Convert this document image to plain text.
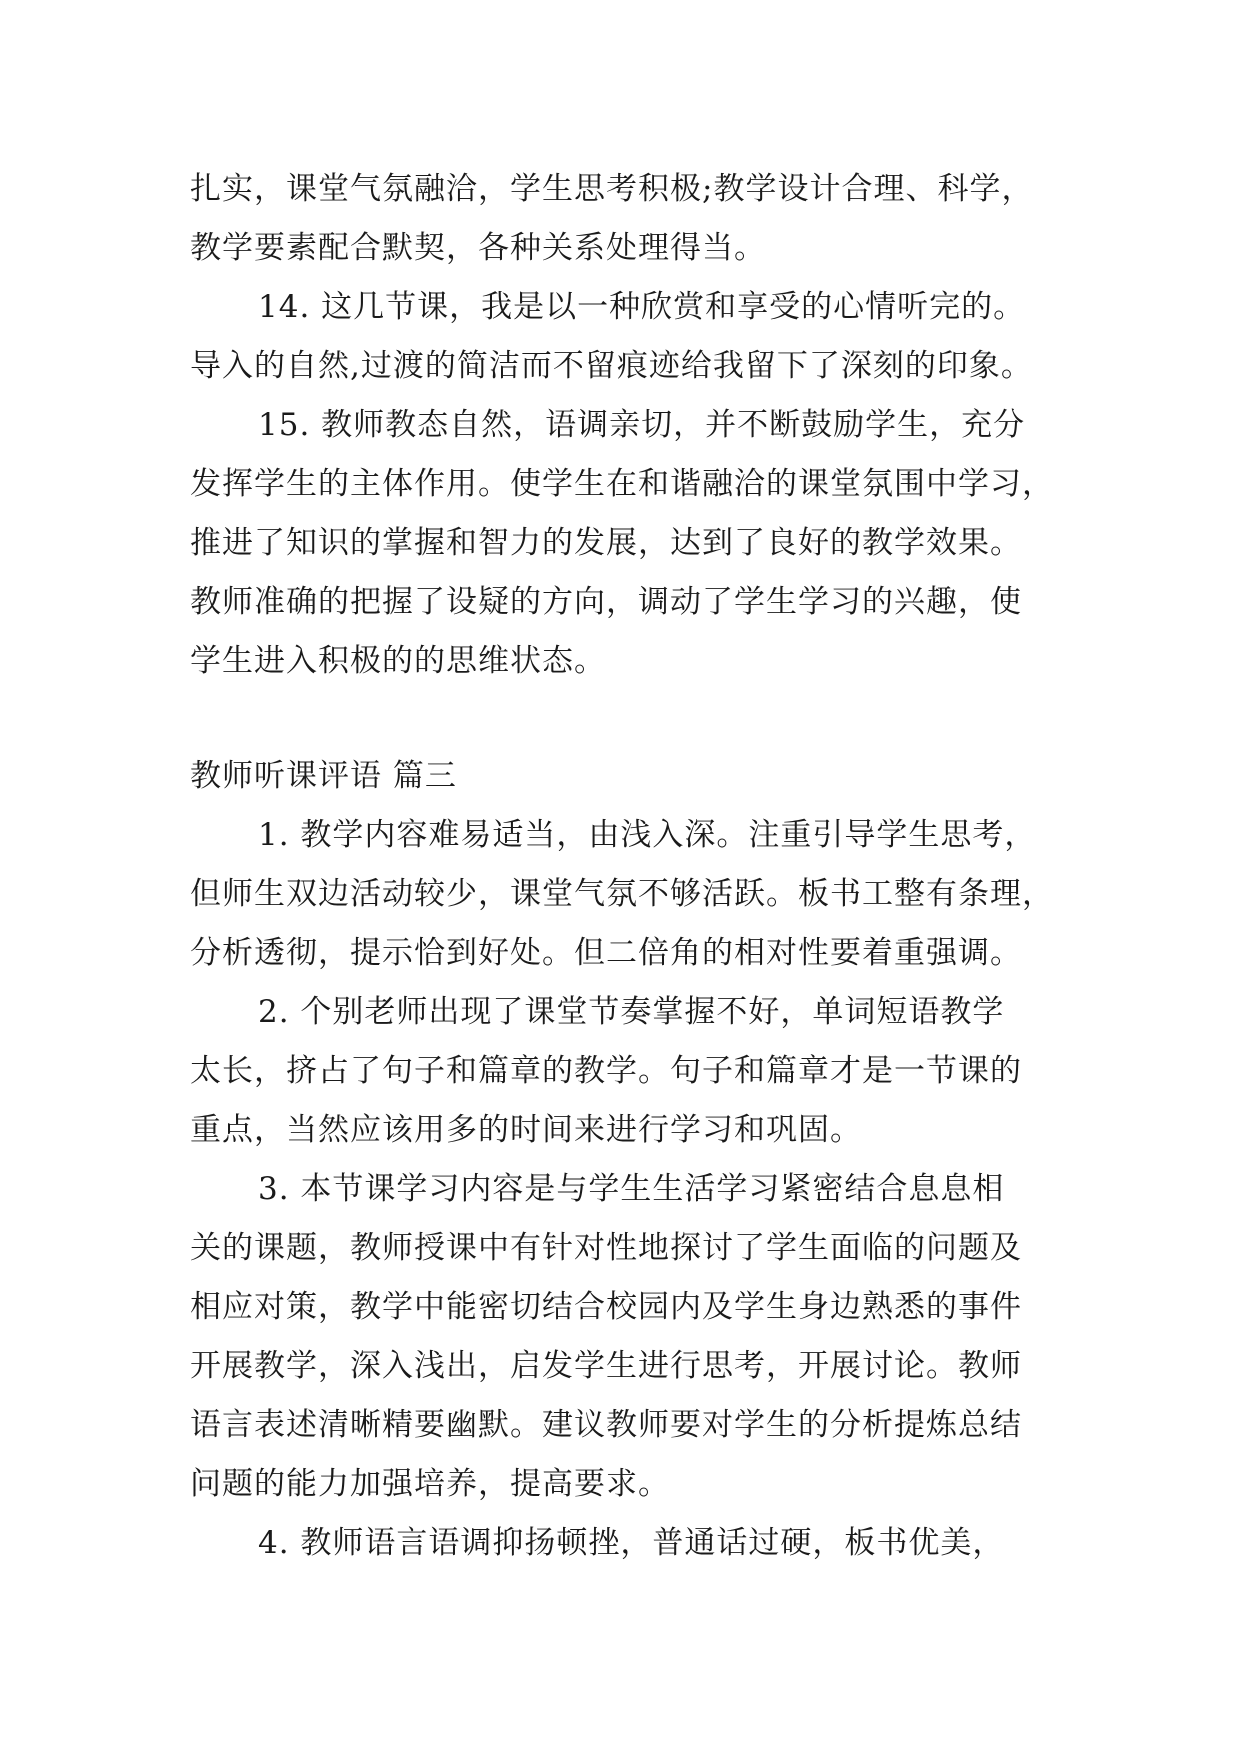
扎实，课堂气氛融洽，学生思考积极;教学设计合理、科学，
教学要素配合默契，各种关系处理得当。
14. 这几节课，我是以一种欣赏和享受的心情听完的。
导入的自然,过渡的简洁而不留痕迹给我留下了深刻的印象。
15. 教师教态自然，语调亲切，并不断鼓励学生，充分
发挥学生的主体作用。使学生在和谐融洽的课堂氛围中学习，
推进了知识的掌握和智力的发展，达到了良好的教学效果。
教师准确的把握了设疑的方向，调动了学生学习的兴趣，使
学生进入积极的的思维状态。
教师听课评语 篇三
1. 教学内容难易适当，由浅入深。注重引导学生思考，
但师生双边活动较少，课堂气氛不够活跃。板书工整有条理，
分析透彻，提示恰到好处。但二倍角的相对性要着重强调。
2. 个别老师出现了课堂节奏掌握不好，单词短语教学
太长，挤占了句子和篇章的教学。句子和篇章才是一节课的
重点，当然应该用多的时间来进行学习和巩固。
3. 本节课学习内容是与学生生活学习紧密结合息息相
关的课题，教师授课中有针对性地探讨了学生面临的问题及
相应对策，教学中能密切结合校园内及学生身边熟悉的事件
开展教学，深入浅出，启发学生进行思考，开展讨论。教师
语言表述清晰精要幽默。建议教师要对学生的分析提炼总结
问题的能力加强培养，提高要求。
4. 教师语言语调抑扬顿挫，普通话过硬，板书优美，
